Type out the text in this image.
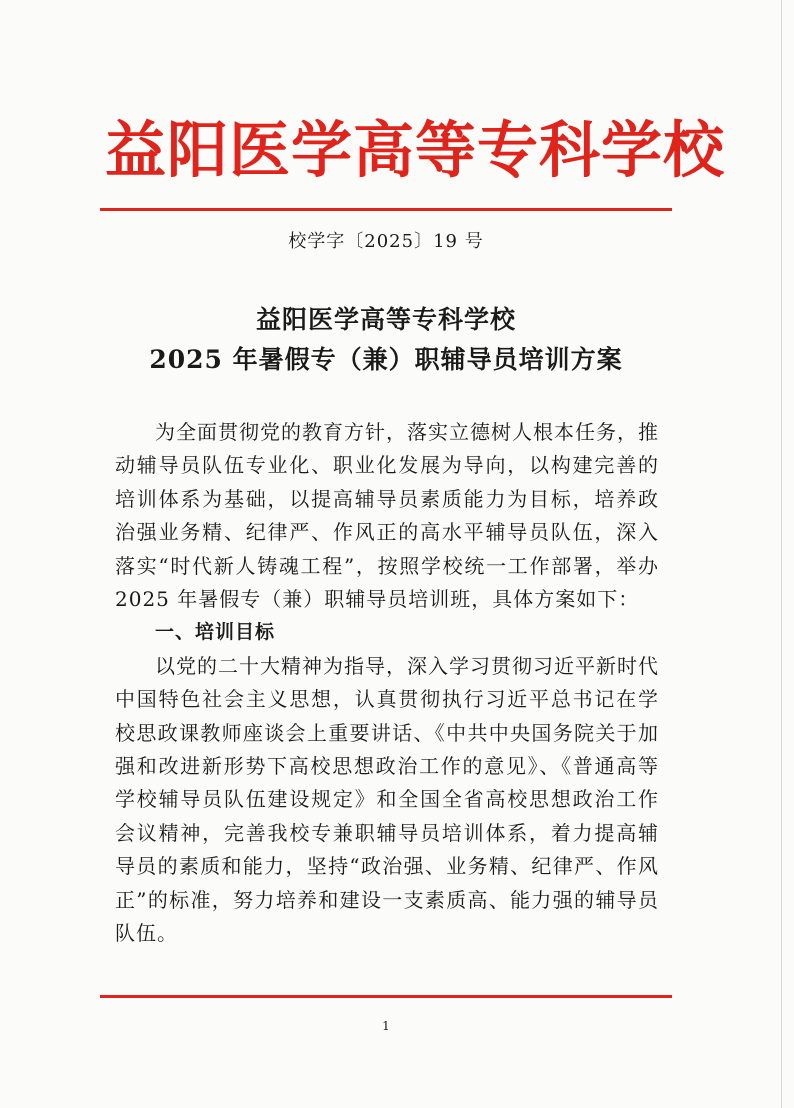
益阳医学高等专科学校
校学字〔2025〕19 号
益阳医学高等专科学校
2025 年暑假专（兼）职辅导员培训方案

为全面贯彻党的教育方针，落实立德树人根本任务，推动辅导员队伍专业化、职业化发展为导向，以构建完善的培训体系为基础，以提高辅导员素质能力为目标，培养政治强业务精、纪律严、作风正的高水平辅导员队伍，深入落实“时代新人铸魂工程”，按照学校统一工作部署，举办 2025 年暑假专（兼）职辅导员培训班，具体方案如下：

一、培训目标

以党的二十大精神为指导，深入学习贯彻习近平新时代中国特色社会主义思想，认真贯彻执行习近平总书记在学校思政课教师座谈会上重要讲话、《中共中央国务院关于加强和改进新形势下高校思想政治工作的意见》、《普通高等学校辅导员队伍建设规定》和全国全省高校思想政治工作会议精神，完善我校专兼职辅导员培训体系，着力提高辅导员的素质和能力，坚持“政治强、业务精、纪律严、作风正”的标准，努力培养和建设一支素质高、能力强的辅导员队伍。

1
